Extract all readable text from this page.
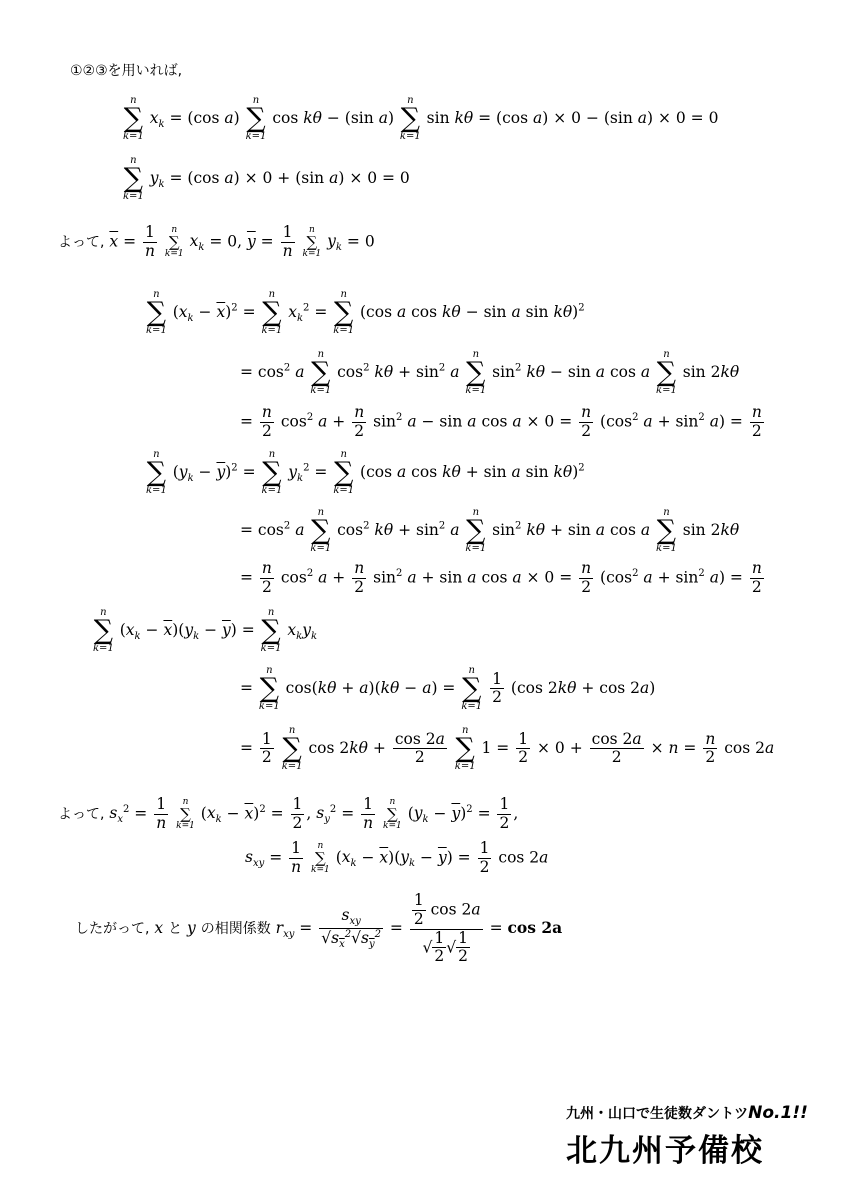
①②③を用いれば,
n
∑
k=1
$x_k = (\cos$ a)
n
∑
k=1
cos kθ − (sin a)
n
∑
k=1
sin kθ = (cos a) × 0 − (sin a) × 0 = 0
n
∑
k=1
$y_k = (\cos$ a) × 0 + (sin a) × 0 = 0
よって, $\overline{x} = \frac{1}{n}$
	n
∑
k=1
$x_k = 0$, $\overline{y} = \frac{1}{n}$
	n
∑
k=1
$y_k = 0$
n
∑
k=1
$(x_k - \overline{x})^2$ =
n
∑
k=1
$x_k^2$ =
n
∑
k=1
(cos a cos kθ − sin a sin kθ)$^2$
= $\cos^2 a$
n
∑
k=1
$\cos^2 k\theta + \sin^2 a$
n
∑
k=1
$\sin^2 k\theta - \sin a$ cos a
n
∑
k=1
sin 2kθ
= $\frac{n}{2} \cos^2 a + \frac{n}{2} \sin^2 a - \sin a$ $\cos a \times 0 = \frac{n}{2} (\cos^2$ $a + \sin^2 a) = \frac{n}{2}$
n
∑
k=1
$(y_k - \overline{y})^2$ =
n
∑
k=1
$y_k^2$ =
n
∑
k=1
(cos a cos kθ + sin a sin kθ)$^2$
= $\cos^2 a$
n
∑
k=1
$\cos^2 k\theta + \sin^2 a$
n
∑
k=1
$\sin^2 k\theta + \sin a$ cos a
n
∑
k=1
sin 2kθ
= $\frac{n}{2} \cos^2 a + \frac{n}{2} \sin^2 a + \sin a$ $\cos a \times 0 = \frac{n}{2} (\cos^2$ $a + \sin^2 a) = \frac{n}{2}$
n
∑
k=1
$(x_k - \overline{x})(y_k - \overline{y})$ =
n
∑
k=1
$x_ky_k$
=
n
∑
k=1
cos(kθ + a)(kθ − a) =
n
∑
k=1
$\frac{1}{2} (\cos$ 2kθ + cos 2a)
= $\frac{1}{2}$

n
∑
k=1
$\cos 2k\theta + \frac{\cos 2a}{2}$

n
∑
k=1
$1 = \frac{1}{2} \times 0 + \frac{\cos 2a}{2} \times n = \frac{n}{2}$ cos 2a
よって, $s_x^2 = \frac{1}{n}$
	n
∑
k=1
$(x_k - \overline{x})^2 = \frac{1}{2}$ , $s_y^2 = \frac{1}{n}$
	n
∑
k=1
$(y_k - \overline{y})^2 = \frac{1}{2}$ ,
$s_{xy} = \frac{1}{n}$
	n
∑
k=1
$(x_k - \overline{x})(y_k - \overline{y}) = \frac{1}{2}$ cos 2a
したがって, x と y の相関係数 $r_{xy}$ =
$s_{xy}$
$√s_x^2√s_y^2 = \frac{\frac{1}{2} \cos 2a}{√ \frac{1}{2} √ \frac{1}{2}} = \cos 2a$
九州・山口で生徒数ダントツNo.1!!
北九州予備校
